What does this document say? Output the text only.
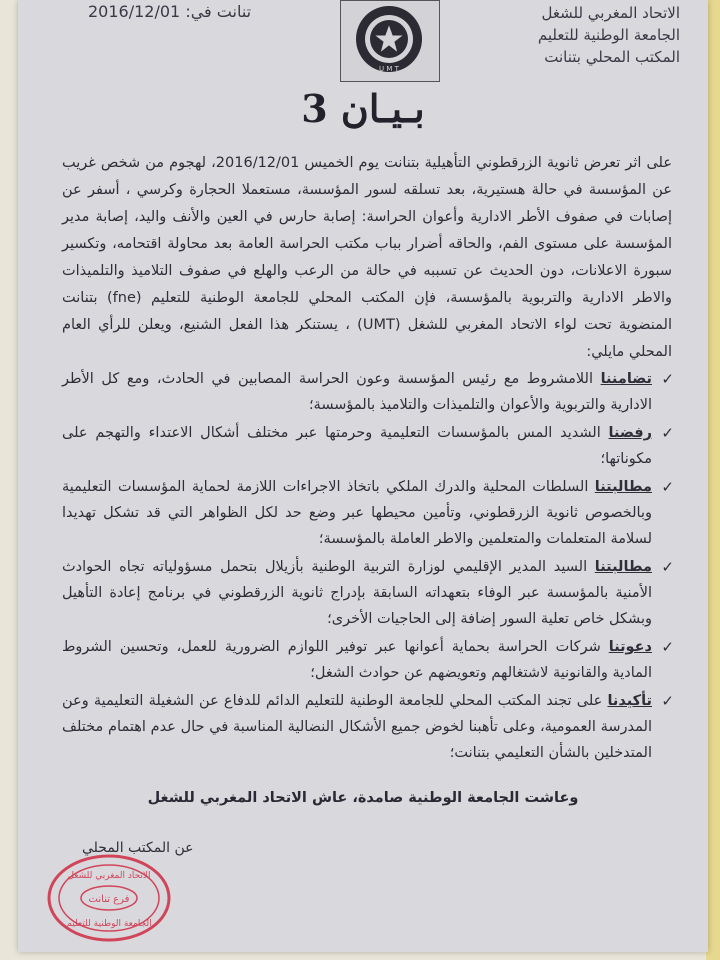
الاتحاد المغربي للشغل
الجامعة الوطنية للتعليم
المكتب المحلي بتنانت
U M T
تنانت في: 2016/12/01
بـيـان 3
على اثر تعرض ثانوية الزرقطوني التأهيلية بتنانت يوم الخميس 2016/12/01، لهجوم من شخص غريب عن المؤسسة في حالة هستيرية، بعد تسلقه لسور المؤسسة، مستعملا الحجارة وكرسي ، أسفر عن إصابات في صفوف الأطر الادارية وأعوان الحراسة: إصابة حارس في العين والأنف واليد، إصابة مدير المؤسسة على مستوى الفم، والحاقه أضرار بباب مكتب الحراسة العامة بعد محاولة اقتحامه، وتكسير سبورة الاعلانات، دون الحديث عن تسببه في حالة من الرعب والهلع في صفوف التلاميذ والتلميذات والاطر الادارية والتربوية بالمؤسسة، فإن المكتب المحلي للجامعة الوطنية للتعليم (fne) بتنانت المنضوية تحت لواء الاتحاد المغربي للشغل (UMT) ، يستنكر هذا الفعل الشنيع، ويعلن للرأي العام المحلي مايلي:
✓
تضامننا اللامشروط مع رئيس المؤسسة وعون الحراسة المصابين في الحادث، ومع كل الأطر الادارية والتربوية والأعوان والتلميذات والتلاميذ بالمؤسسة؛
✓
رفضنا الشديد المس بالمؤسسات التعليمية وحرمتها عبر مختلف أشكال الاعتداء والتهجم على مكوناتها؛
✓
مطالبتنا السلطات المحلية والدرك الملكي باتخاذ الاجراءات اللازمة لحماية المؤسسات التعليمية وبالخصوص ثانوية الزرقطوني، وتأمين محيطها عبر وضع حد لكل الظواهر التي قد تشكل تهديدا لسلامة المتعلمات والمتعلمين والاطر العاملة بالمؤسسة؛
✓
مطالبتنا السيد المدير الإقليمي لوزارة التربية الوطنية بأزيلال بتحمل مسؤولياته تجاه الحوادث الأمنية بالمؤسسة عبر الوفاء بتعهداته السابقة بإدراج ثانوية الزرقطوني في برنامج إعادة التأهيل وبشكل خاص تعلية السور إضافة إلى الحاجيات الأخرى؛
✓
دعوتنا شركات الحراسة بحماية أعوانها عبر توفير اللوازم الضرورية للعمل، وتحسين الشروط المادية والقانونية لاشتغالهم وتعويضهم عن حوادث الشغل؛
✓
تأكيدنا على تجند المكتب المحلي للجامعة الوطنية للتعليم الدائم للدفاع عن الشغيلة التعليمية وعن المدرسة العمومية، وعلى تأهبنا لخوض جميع الأشكال النضالية المناسبة في حال عدم اهتمام مختلف المتدخلين بالشأن التعليمي بتنانت؛
وعاشت الجامعة الوطنية صامدة، عاش الاتحاد المغربي للشغل
عن المكتب المحلي
الاتحاد المغربي للشغل
فرع تنانت
الجامعة الوطنية للتعليم
